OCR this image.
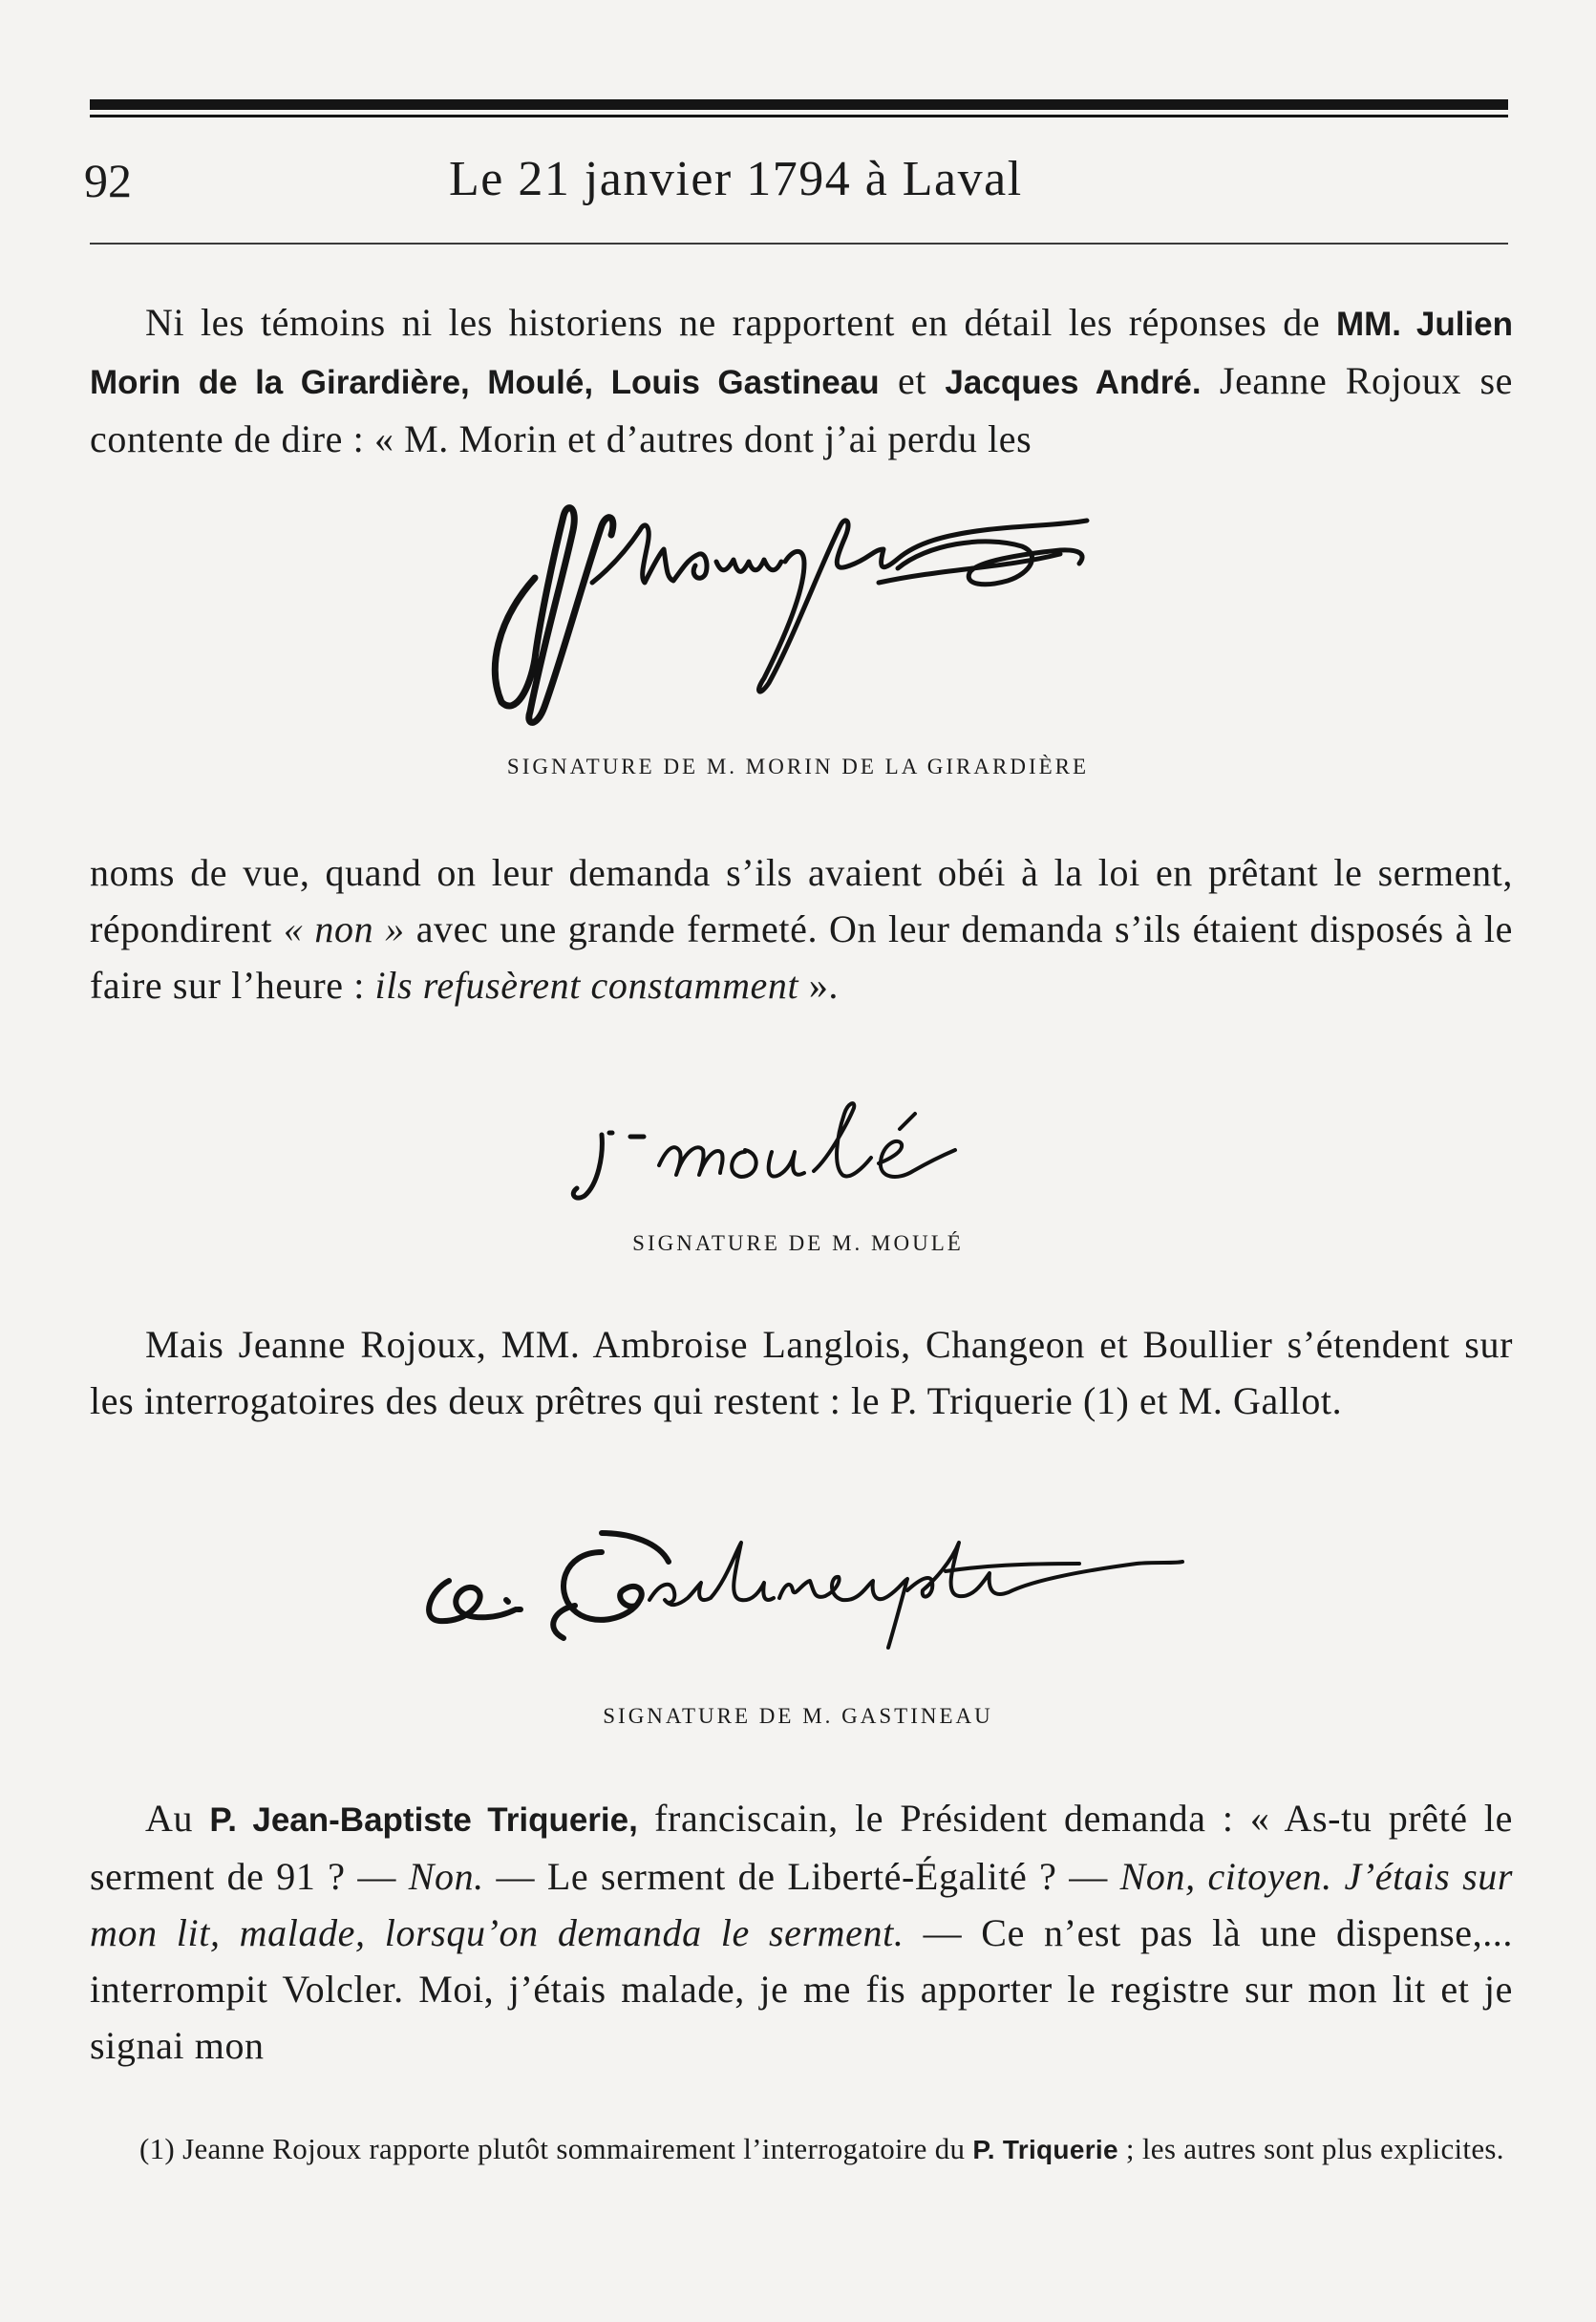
92	Le 21 janvier 1794 à Laval

Ni les témoins ni les historiens ne rapportent en détail les réponses de MM. Julien Morin de la Girardière, Moulé, Louis Gastineau et Jacques André. Jeanne Rojoux se contente de dire : « M. Morin et d’autres dont j’ai perdu les

SIGNATURE DE M. MORIN DE LA GIRARDIÈRE

noms de vue, quand on leur demanda s’ils avaient obéi à la loi en prêtant le serment, répondirent « non » avec une grande fermeté. On leur demanda s’ils étaient disposés à le faire sur l’heure : ils refusèrent constamment ».

SIGNATURE DE M. MOULÉ

Mais Jeanne Rojoux, MM. Ambroise Langlois, Changeon et Boullier s’étendent sur les interrogatoires des deux prêtres qui restent : le P. Triquerie (1) et M. Gallot.

SIGNATURE DE M. GASTINEAU

Au P. Jean-Baptiste Triquerie, franciscain, le Président demanda : « As-tu prêté le serment de 91 ? — Non. — Le serment de Liberté-Égalité ? — Non, citoyen. J’étais sur mon lit, malade, lorsqu’on demanda le serment. — Ce n’est pas là une dispense,... interrompit Volcler. Moi, j’étais malade, je me fis apporter le registre sur mon lit et je signai mon

(1) Jeanne Rojoux rapporte plutôt sommairement l’interrogatoire du P. Triquerie ; les autres sont plus explicites.
